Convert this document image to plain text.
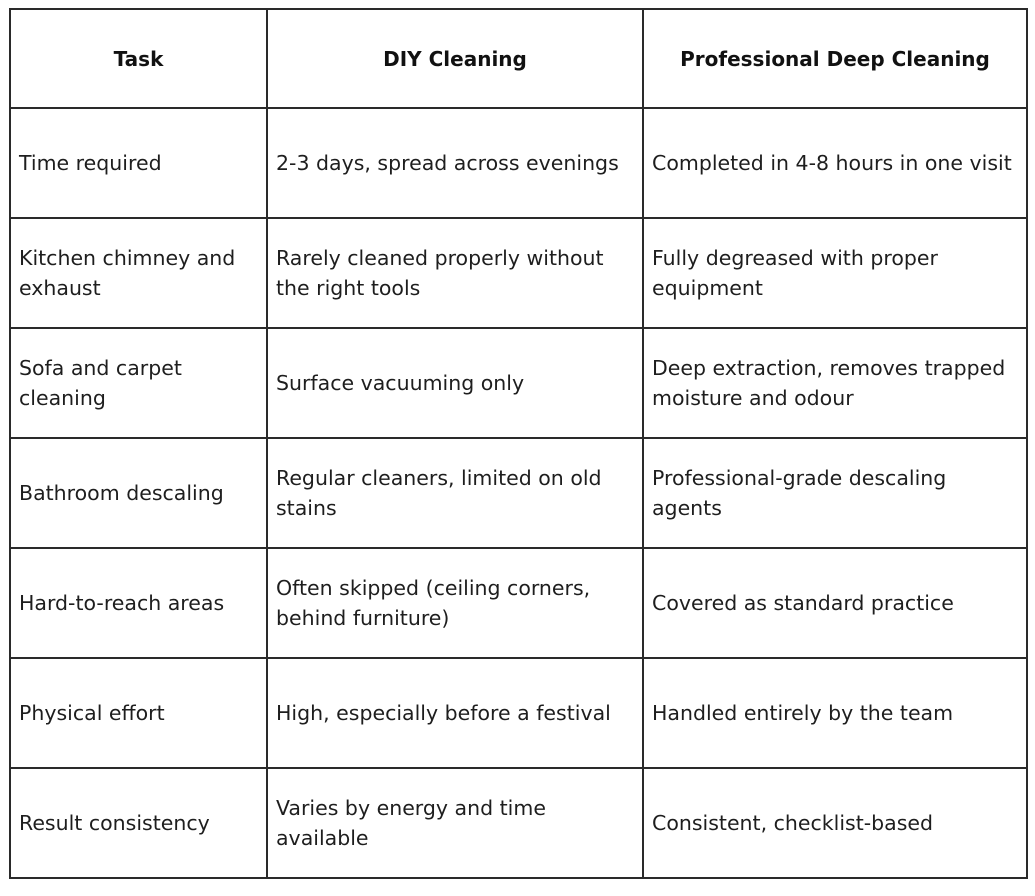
Task	DIY Cleaning	Professional Deep Cleaning
Time required	2-3 days, spread across evenings	Completed in 4-8 hours in one visit
Kitchen chimney and exhaust	Rarely cleaned properly without the right tools	Fully degreased with proper equipment
Sofa and carpet cleaning	Surface vacuuming only	Deep extraction, removes trapped moisture and odour
Bathroom descaling	Regular cleaners, limited on old stains	Professional-grade descaling agents
Hard-to-reach areas	Often skipped (ceiling corners, behind furniture)	Covered as standard practice
Physical effort	High, especially before a festival	Handled entirely by the team
Result consistency	Varies by energy and time available	Consistent, checklist-based
